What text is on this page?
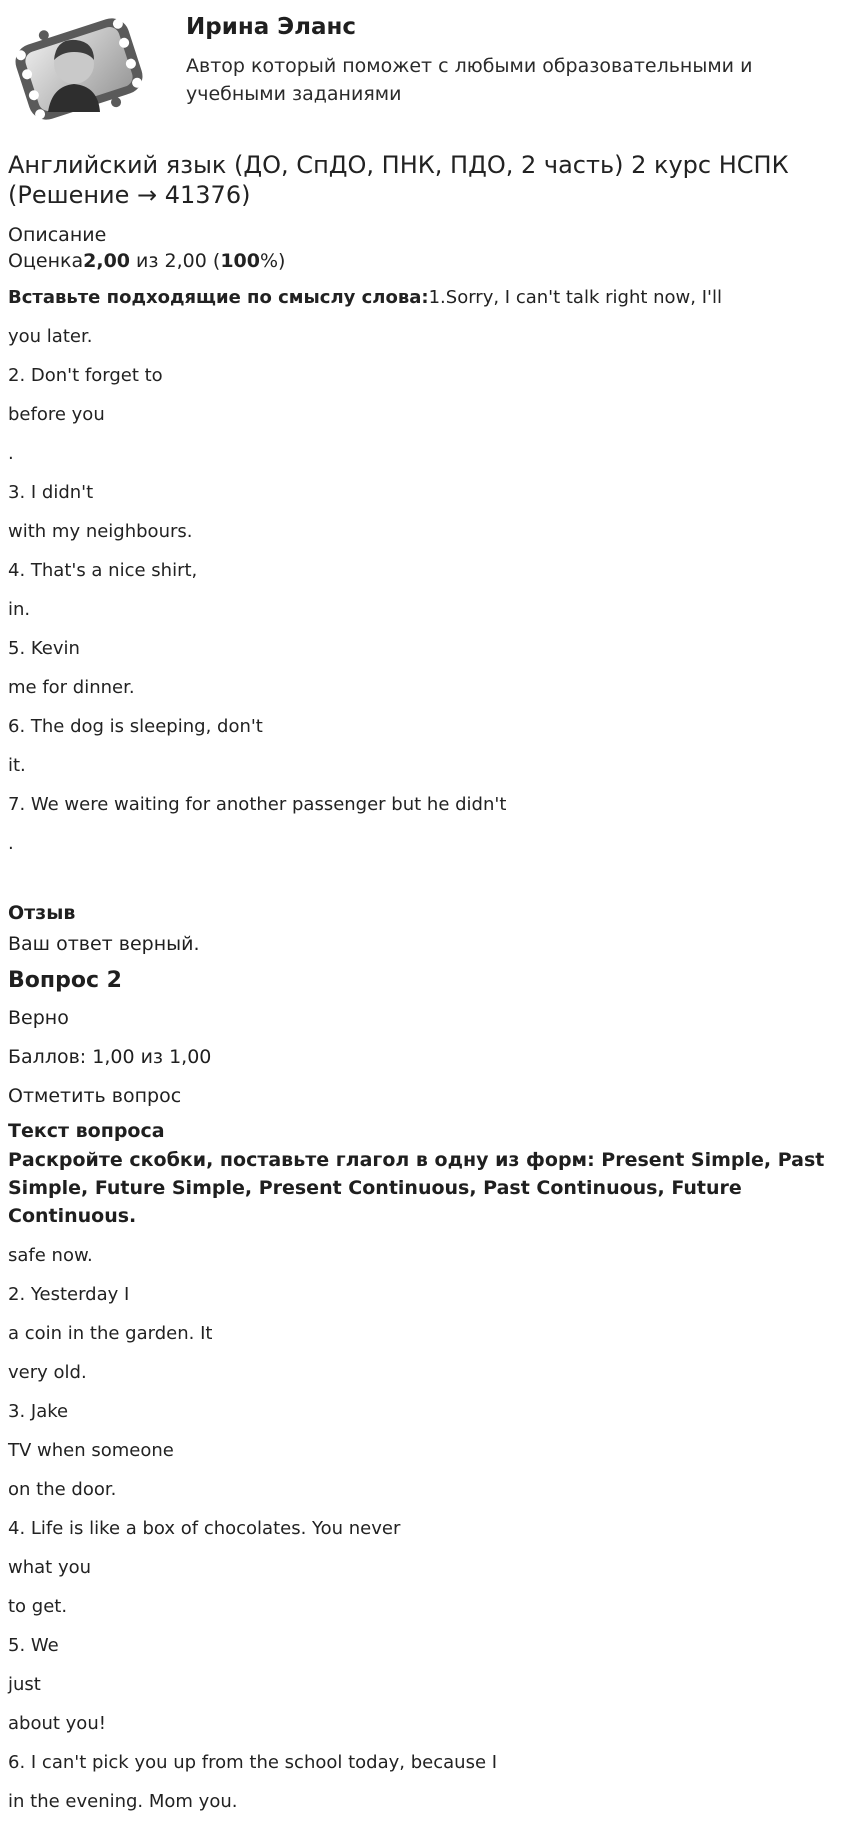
Ирина Эланс
Автор который поможет с любыми образовательными и учебными заданиями
Английский язык (ДО, СпДО, ПНК, ПДО, 2 часть) 2 курс НСПК (Решение → 41376)
Описание
Оценка2,00 из 2,00 (100%)
Вставьте подходящие по смыслу слова:1.Sorry, I can't talk right now, I'll
you later.
2. Don't forget to
before you
.
3. I didn't
with my neighbours.
4. That's a nice shirt,
in.
5. Kevin
me for dinner.
6. The dog is sleeping, don't
it.
7. We were waiting for another passenger but he didn't
.
Отзыв
Ваш ответ верный.
Вопрос 2
Верно
Баллов: 1,00 из 1,00
Отметить вопрос
Текст вопроса
Раскройте скобки, поставьте глагол в одну из форм: Present Simple, Past Simple, Future Simple, Present Continuous, Past Continuous, Future Continuous.
safe now.
2. Yesterday I
a coin in the garden. It
very old.
3. Jake
TV when someone
on the door.
4. Life is like a box of chocolates. You never
what you
to get.
5. We
just
about you!
6. I can't pick you up from the school today, because I
in the evening. Mom you.
